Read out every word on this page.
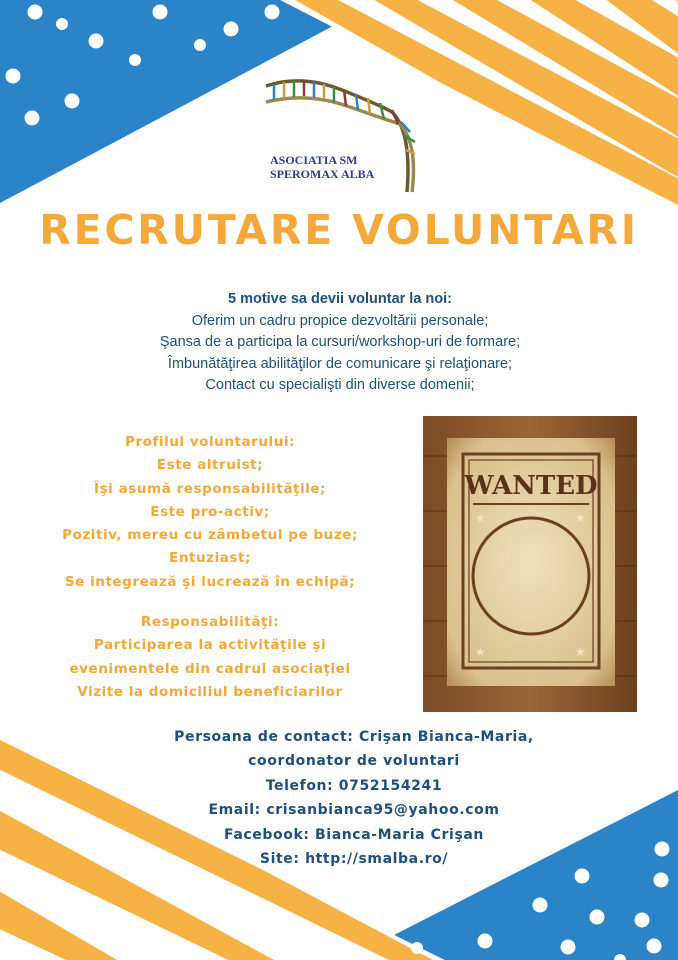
ASOCIATIA SM
SPEROMAX ALBA
RECRUTARE VOLUNTARI
5 motive sa devii voluntar la noi:
Oferim un cadru propice dezvoltării personale;
Şansa de a participa la cursuri/workshop-uri de formare;
Îmbunătăţirea abilităţilor de comunicare şi relaţionare;
Contact cu specialişti din diverse domenii;
Profilul voluntarului:
Este altruist;
Îşi asumă responsabilităţile;
Este pro-activ;
Pozitiv, mereu cu zâmbetul pe buze;
Entuziast;
Se integrează şi lucrează în echipă;
Responsabilităţi:
Participarea la activităţile şi
evenimentele din cadrul asociaţiei
Vizite la domiciliul beneficiarilor
WANTED
★	★
★	★
Persoana de contact: Crişan Bianca-Maria,
coordonator de voluntari
Telefon: 0752154241
Email: crisanbianca95@yahoo.com
Facebook: Bianca-Maria Crişan
Site: http://smalba.ro/
